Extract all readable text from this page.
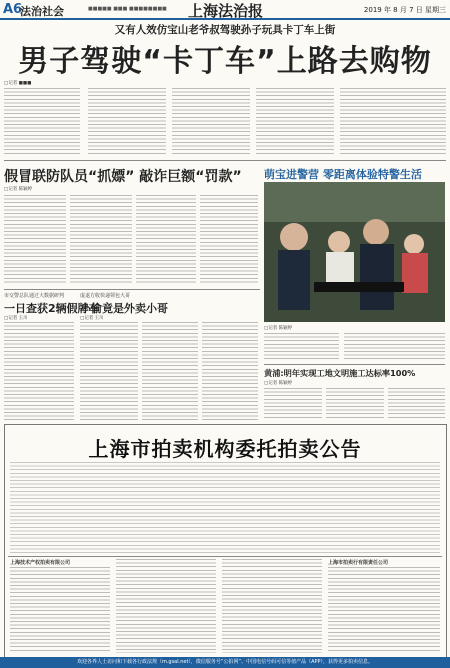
A6
法治社会	■■■■■ ■■■ ■■■■■■■■ 上海法治报	2019 年 8 月 7 日 星期三
又有人效仿宝山老爷叔驾驶孙子玩具卡丁车上街
男子驾驶“卡丁车”上路去购物
□记者 ■■■
假冒联防队员“抓嫖” 敲诈巨额“罚款”
□记者 陈颖婷
萌宝进警营 零距离体验特警生活
□记者 陈颖婷
市交警总队通过大数据研判
一日查获2辆假牌车
□记者 王川
虚退方收快递领包大哥
小偷竟是外卖小哥
□记者 王川
黄浦:明年实现工地文明施工达标率100%
□记者 陈颖婷
上海市拍卖机构委托拍卖公告
上海技术产权拍卖有限公司	上海市拍卖行有限责任公司
欢迎各界人士访问和下载各行政法规（m.gsal.net），微信服务号“公拍网”、中国电信号码可信等值产品（APP），获得更多拍卖信息。
